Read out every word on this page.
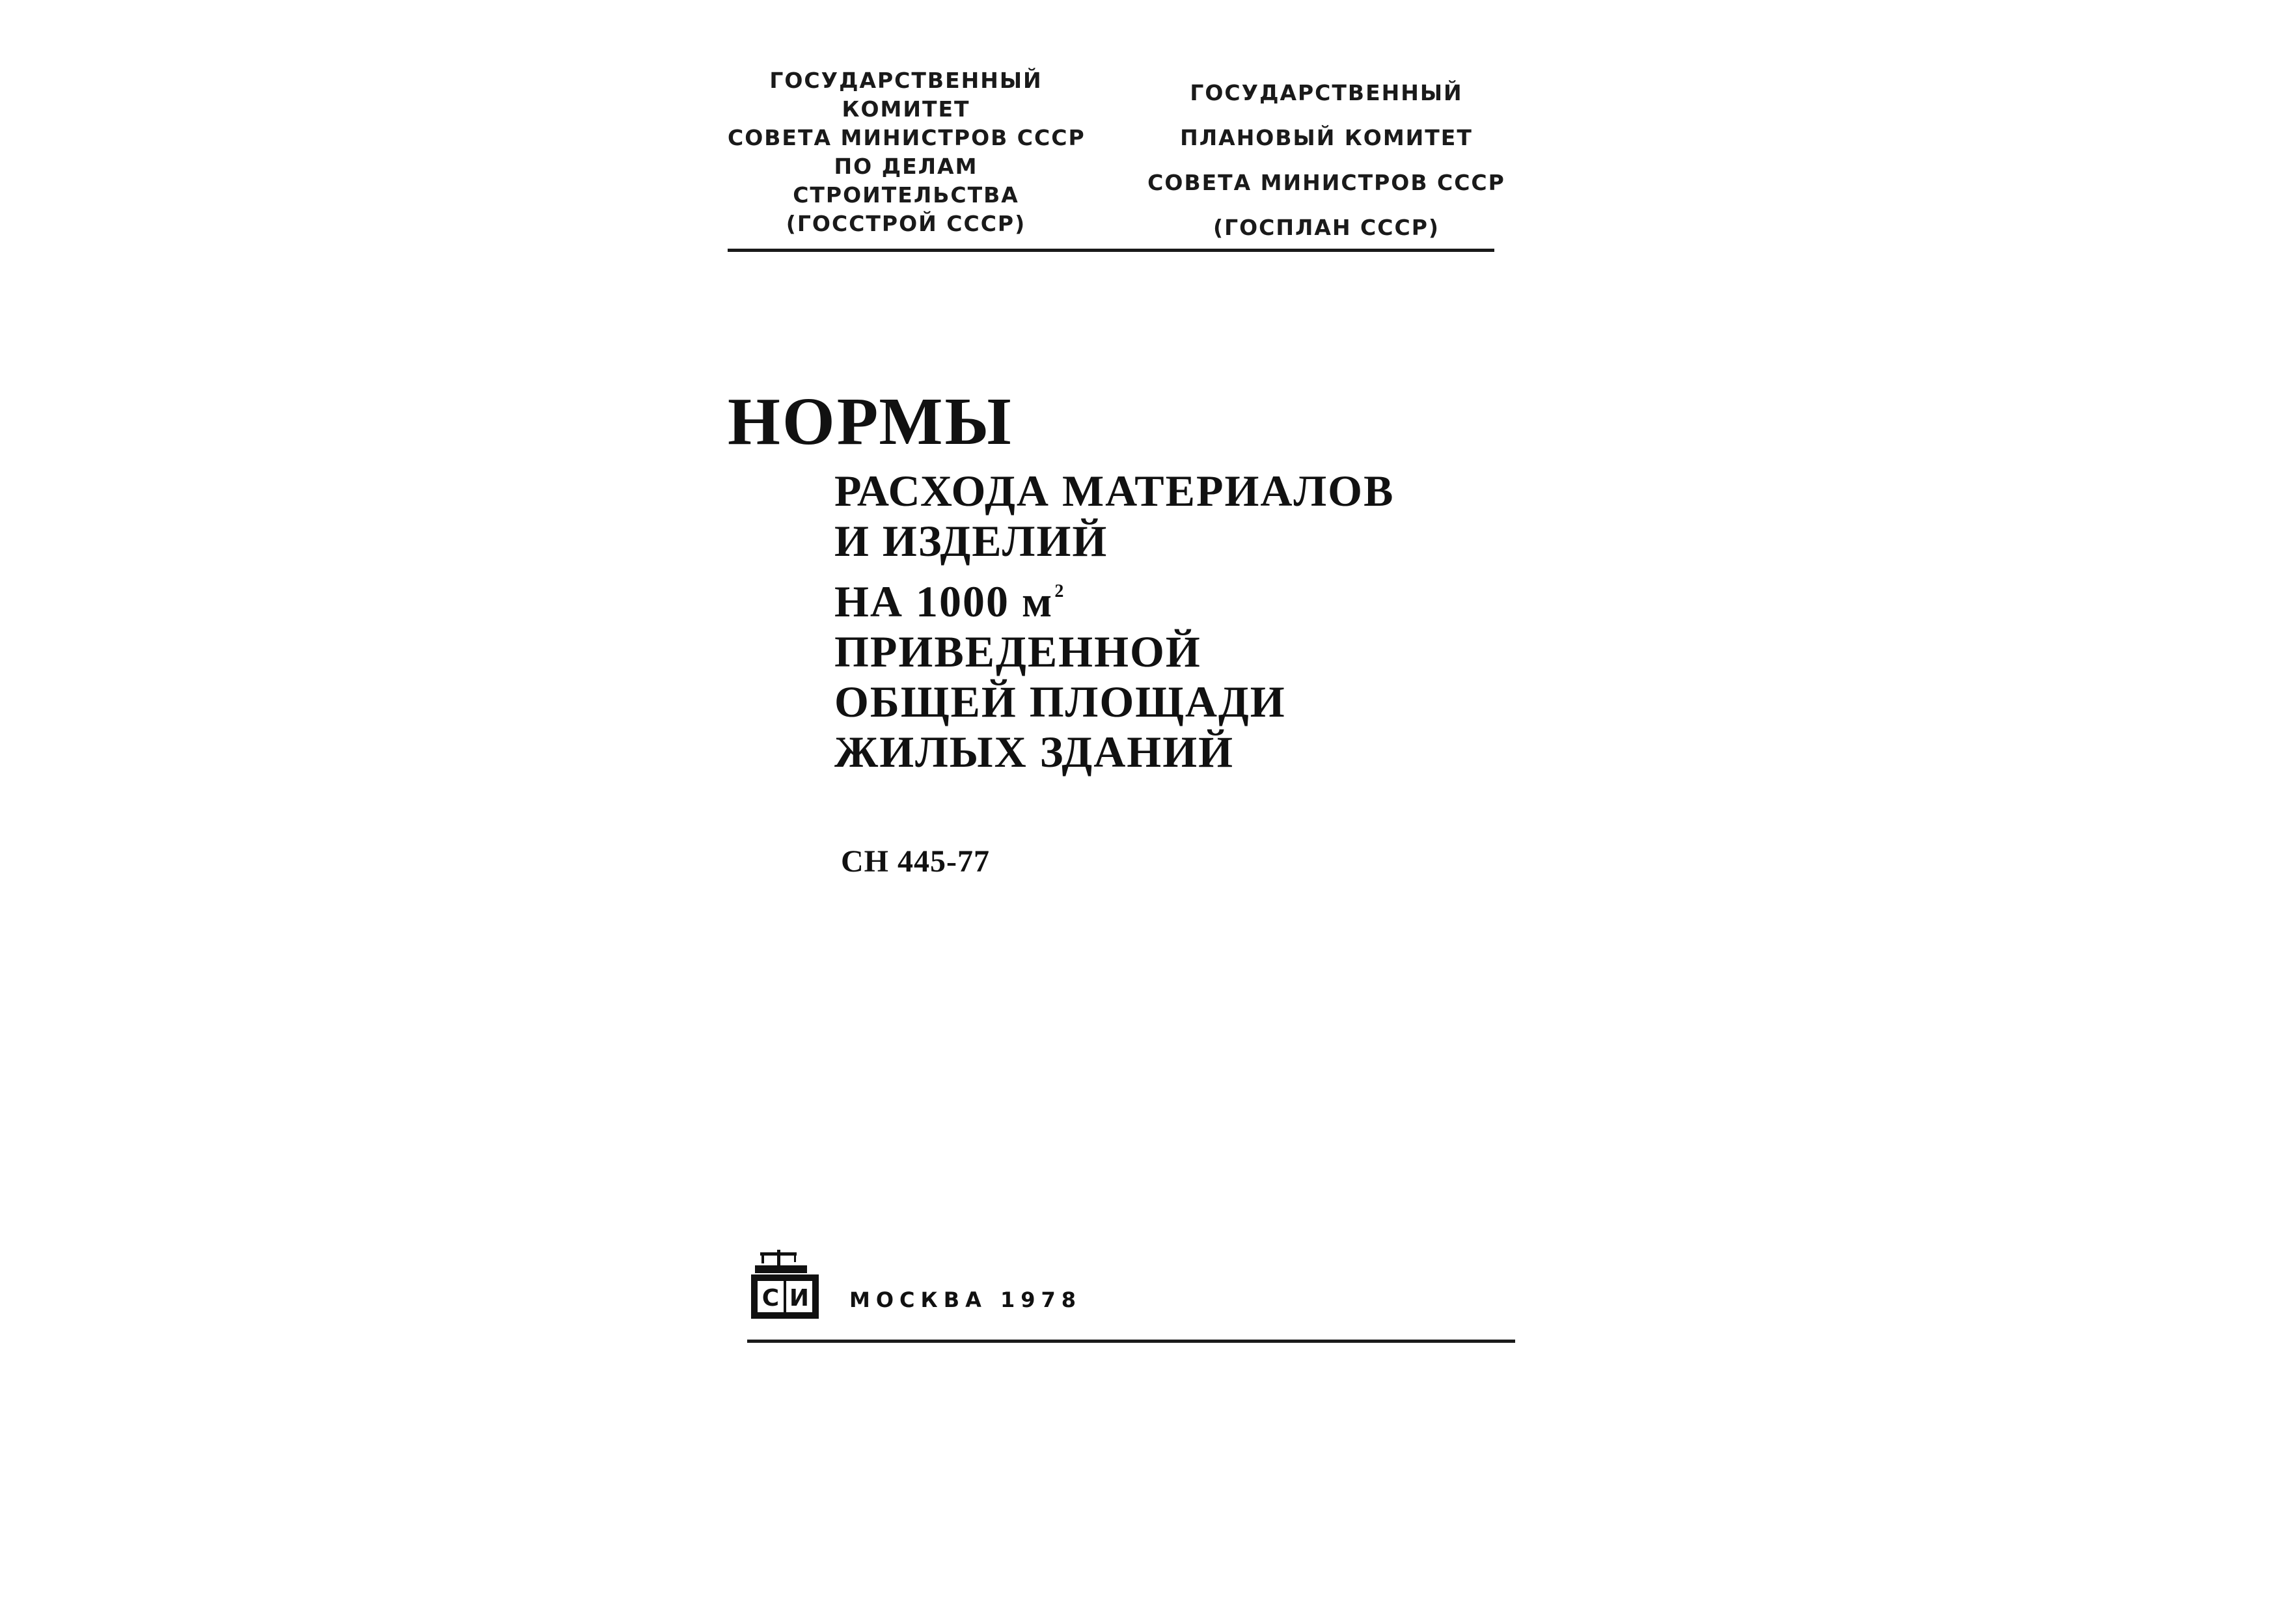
ГОСУДАРСТВЕННЫЙ
КОМИТЕТ
СОВЕТА МИНИСТРОВ СССР
ПО ДЕЛАМ
СТРОИТЕЛЬСТВА
(ГОССТРОЙ СССР)
ГОСУДАРСТВЕННЫЙ
ПЛАНОВЫЙ КОМИТЕТ
СОВЕТА МИНИСТРОВ СССР
(ГОСПЛАН СССР)
НОРМЫ
РАСХОДА МАТЕРИАЛОВ
И ИЗДЕЛИЙ
НА 1000 $м^2$
ПРИВЕДЕННОЙ
ОБЩЕЙ ПЛОЩАДИ
ЖИЛЫХ ЗДАНИЙ
СН 445-77
С И МОСКВА 1978
